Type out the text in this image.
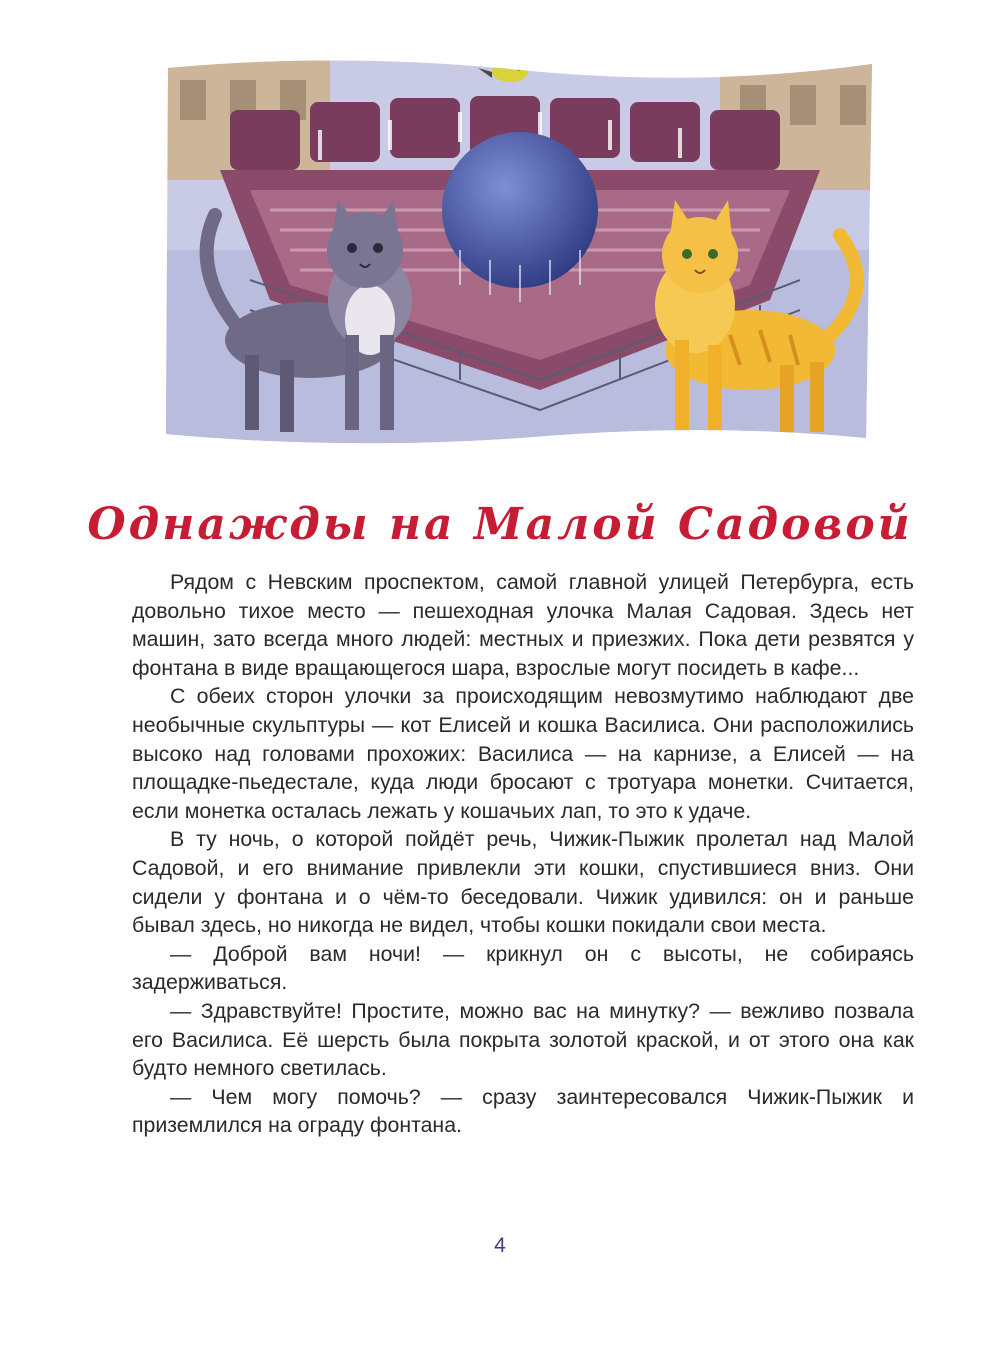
Однажды на Малой Садовой

Рядом с Невским проспектом, самой главной улицей Петербурга, есть довольно тихое место — пешеходная улочка Малая Садовая. Здесь нет машин, зато всегда много людей: местных и приезжих. Пока дети резвятся у фонтана в виде вращающегося шара, взрослые могут посидеть в кафе...

С обеих сторон улочки за происходящим невозмутимо наблюдают две необычные скульптуры — кот Елисей и кошка Василиса. Они расположились высоко над головами прохожих: Василиса — на карнизе, а Елисей — на площадке-пьедестале, куда люди бросают с тротуара монетки. Считается, если монетка осталась лежать у кошачьих лап, то это к удаче.

В ту ночь, о которой пойдёт речь, Чижик-Пыжик пролетал над Малой Садовой, и его внимание привлекли эти кошки, спустившиеся вниз. Они сидели у фонтана и о чём-то беседовали. Чижик удивился: он и раньше бывал здесь, но никогда не видел, чтобы кошки покидали свои места.

— Доброй вам ночи! — крикнул он с высоты, не собираясь задерживаться.

— Здравствуйте! Простите, можно вас на минутку? — вежливо позвала его Василиса. Её шерсть была покрыта золотой краской, и от этого она как будто немного светилась.

— Чем могу помочь? — сразу заинтересовался Чижик-Пыжик и приземлился на ограду фонтана.

4
